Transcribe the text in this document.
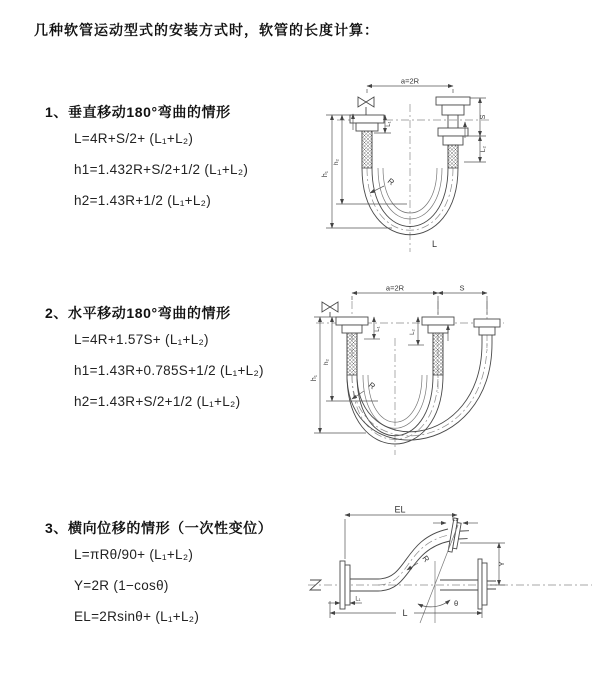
几种软管运动型式的安装方式时，软管的长度计算：
1、垂直移动180°弯曲的情形
L=4R+S/2+ (L₁+L₂)
h1=1.432R+S/2+1/2 (L₁+L₂)
h2=1.43R+1/2 (L₁+L₂)
2、水平移动180°弯曲的情形
L=4R+1.57S+ (L₁+L₂)
h1=1.43R+0.785S+1/2 (L₁+L₂)
h2=1.43R+S/2+1/2 (L₁+L₂)
3、横向位移的情形（一次性变位）
L=πRθ/90+ (L₁+L₂)
Y=2R (1−cosθ)
EL=2Rsinθ+ (L₁+L₂)
a=2R
S
L₂
h₁
h₂
L₁
R
L
a=2R	S
h₁
h₂
L₁
L₂
R
θ
R
EL
L₂
Y
L
L₁
